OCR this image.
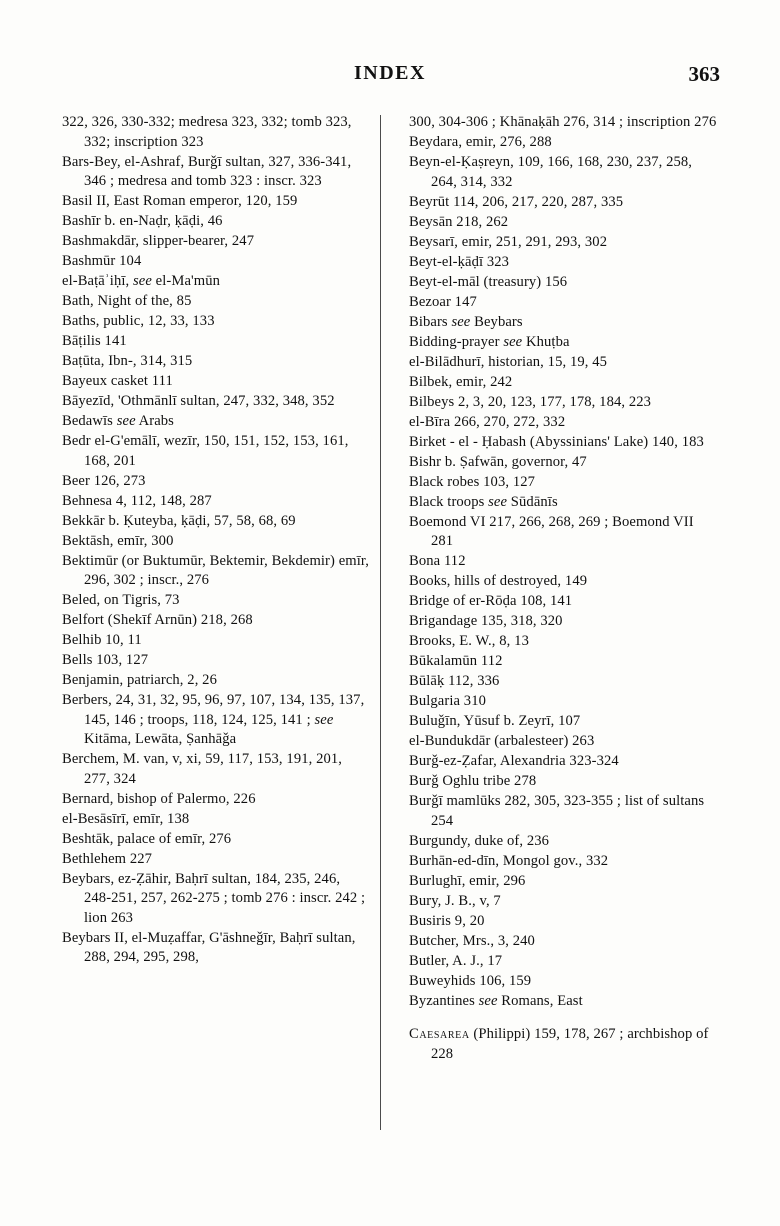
INDEX	363

322, 326, 330-332; medresa 323, 332; tomb 323, 332; inscription 323

Bars-Bey, el-Ashraf, Burǧī sultan, 327, 336-341, 346 ; medresa and tomb 323 : inscr. 323

Basil II, East Roman emperor, 120, 159

Bashīr b. en-Naḍr, ḳāḍi, 46

Bashmakdār, slipper-bearer, 247

Bashmūr 104

el-Baṭāʾiḥī, see el-Ma'mūn

Bath, Night of the, 85

Baths, public, 12, 33, 133

Bāṭilis 141

Baṭūta, Ibn-, 314, 315

Bayeux casket 111

Bāyezīd, 'Othmānlī sultan, 247, 332, 348, 352

Bedawīs see Arabs

Bedr el-G'emālī, wezīr, 150, 151, 152, 153, 161, 168, 201

Beer 126, 273

Behnesa 4, 112, 148, 287

Bekkār b. Ḳuteyba, ḳāḍi, 57, 58, 68, 69

Bektāsh, emīr, 300

Bektimūr (or Buktumūr, Bektemir, Bekdemir) emīr, 296, 302 ; inscr., 276

Beled, on Tigris, 73

Belfort (Shekīf Arnūn) 218, 268

Belhib 10, 11

Bells 103, 127

Benjamin, patriarch, 2, 26

Berbers, 24, 31, 32, 95, 96, 97, 107, 134, 135, 137, 145, 146 ; troops, 118, 124, 125, 141 ; see Kitāma, Lewāta, Ṣanhāǧa

Berchem, M. van, v, xi, 59, 117, 153, 191, 201, 277, 324

Bernard, bishop of Palermo, 226

el-Besāsīrī, emīr, 138

Beshtāk, palace of emīr, 276

Bethlehem 227

Beybars, ez-Ẓāhir, Baḥrī sultan, 184, 235, 246, 248-251, 257, 262-275 ; tomb 276 : inscr. 242 ; lion 263

Beybars II, el-Muẓaffar, G'āshneǧīr, Baḥrī sultan, 288, 294, 295, 298,

300, 304-306 ; Khānaḳāh 276, 314 ; inscription 276

Beydara, emir, 276, 288

Beyn-el-Ḳaṣreyn, 109, 166, 168, 230, 237, 258, 264, 314, 332

Beyrūt 114, 206, 217, 220, 287, 335

Beysān 218, 262

Beysarī, emir, 251, 291, 293, 302

Beyt-el-ḳāḍī 323

Beyt-el-māl (treasury) 156

Bezoar 147

Bibars see Beybars

Bidding-prayer see Khuṭba

el-Bilādhurī, historian, 15, 19, 45

Bilbek, emir, 242

Bilbeys 2, 3, 20, 123, 177, 178, 184, 223

el-Bīra 266, 270, 272, 332

Birket - el - Ḥabash (Abyssinians' Lake) 140, 183

Bishr b. Ṣafwān, governor, 47

Black robes 103, 127

Black troops see Sūdānīs

Boemond VI 217, 266, 268, 269 ; Boemond VII 281

Bona 112

Books, hills of destroyed, 149

Bridge of er-Rōḍa 108, 141

Brigandage 135, 318, 320

Brooks, E. W., 8, 13

Būkalamūn 112

Būlāḳ 112, 336

Bulgaria 310

Buluǧīn, Yūsuf b. Zeyrī, 107

el-Bundukdār (arbalesteer) 263

Burǧ-ez-Ẓafar, Alexandria 323-324

Burǧ Oghlu tribe 278

Burǧī mamlūks 282, 305, 323-355 ; list of sultans 254

Burgundy, duke of, 236

Burhān-ed-dīn, Mongol gov., 332

Burlughī, emir, 296

Bury, J. B., v, 7

Busiris 9, 20

Butcher, Mrs., 3, 240

Butler, A. J., 17

Buweyhids 106, 159

Byzantines see Romans, East

Caesarea (Philippi) 159, 178, 267 ; archbishop of 228
